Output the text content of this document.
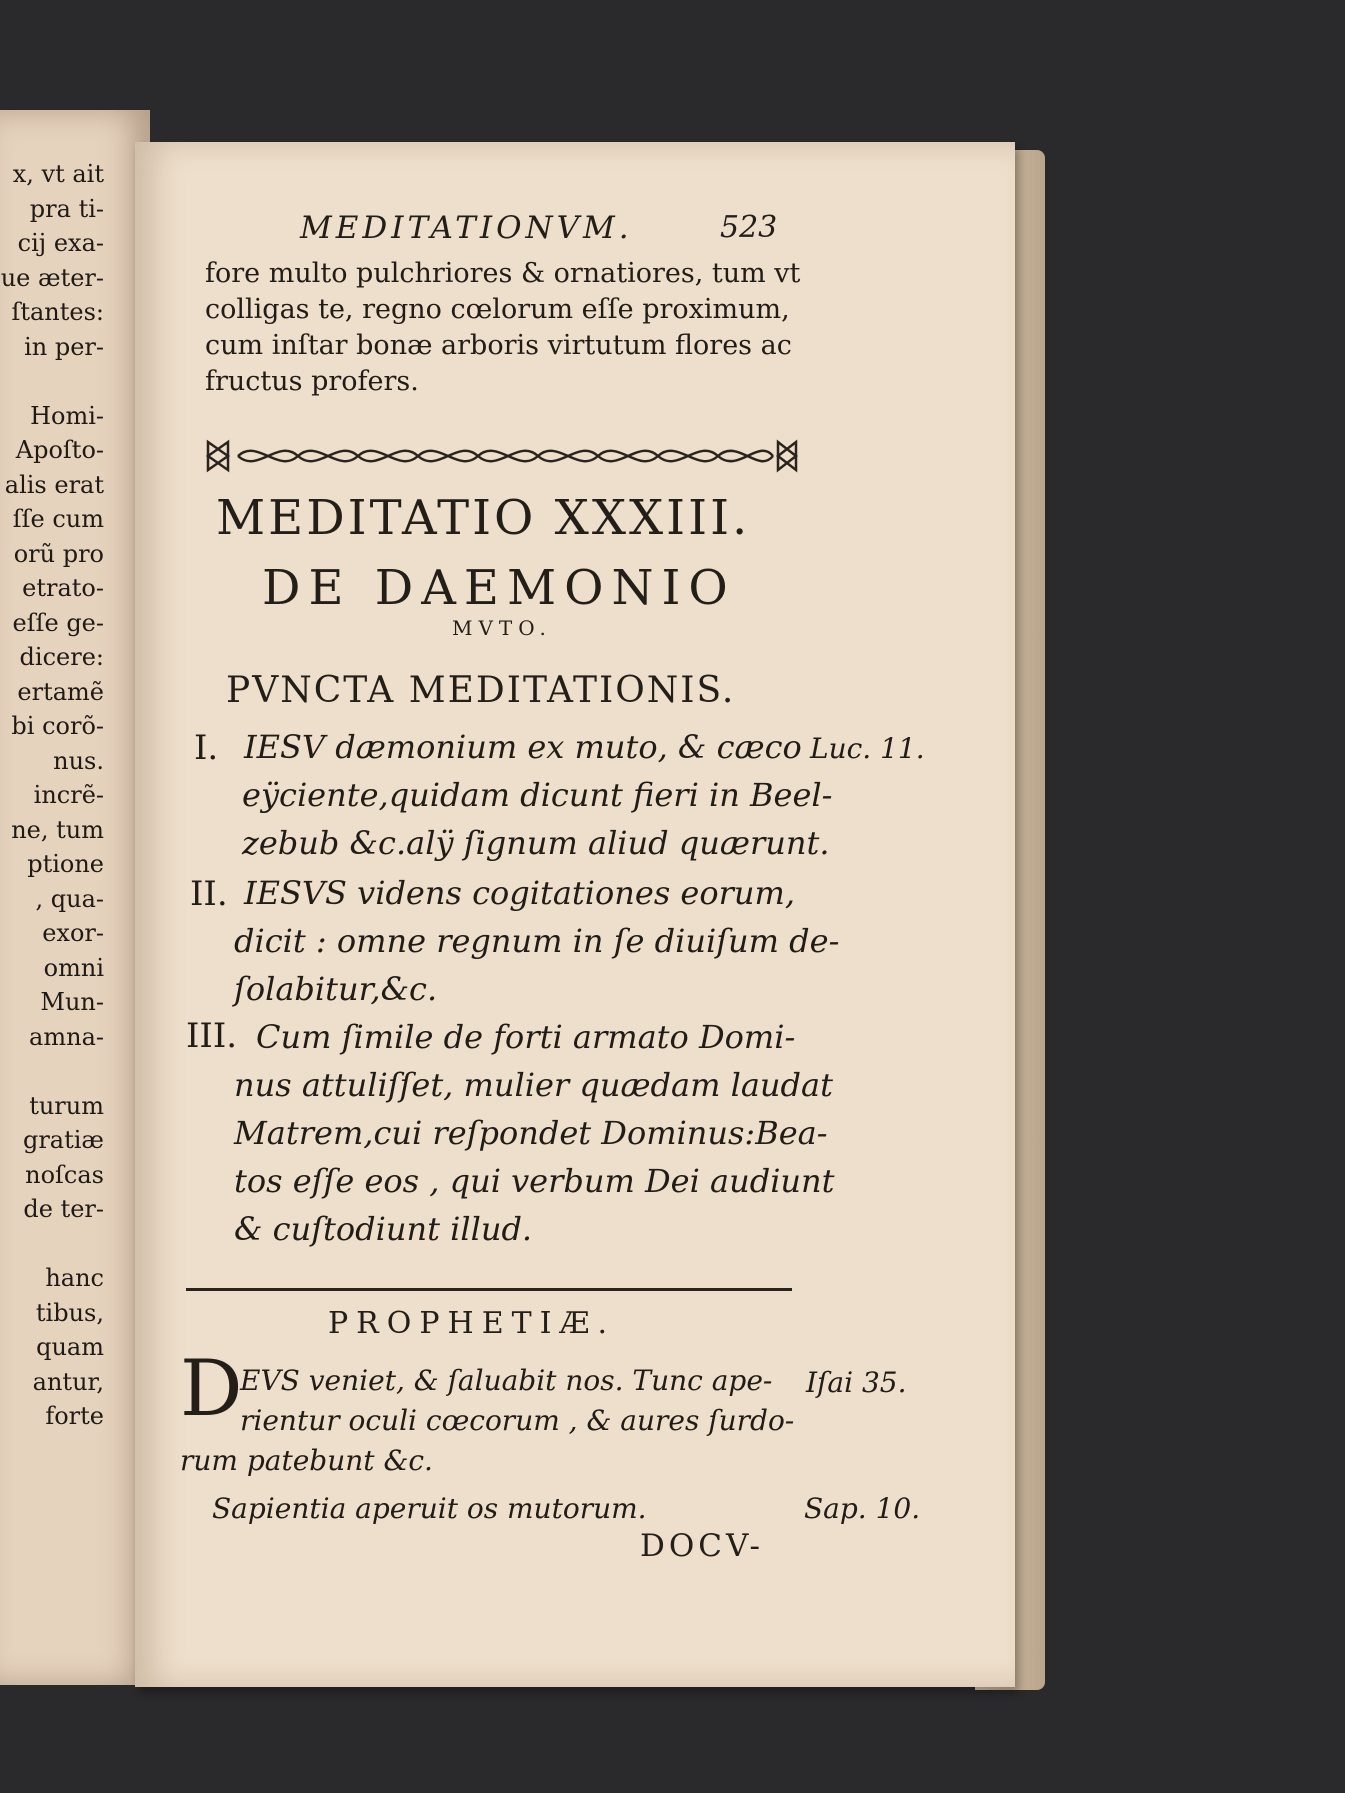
x, vt ait
pra ti-
cij exa-
ue æter-
ſtantes:
in per-
Homi-
Apoſto-
alis erat
ſſe cum
orũ pro
etrato-
eſſe ge-
dicere:
ertamẽ
bi corõ-
nus.
incrẽ-
ne, tum
ptione
, qua-
exor-
omni
Mun-
amna-
turum
gratiæ
noſcas
de ter-
hanc
tibus,
quam
antur,
forte
MEDITATIONVM.	523
fore multo pulchriores & ornatiores, tum vt
colligas te, regno cœlorum eſſe proximum,
cum inſtar bonæ arboris virtutum flores ac
fructus profers.
MEDITATIO XXXIII.
DE DAEMONIO
MVTO.
PVNCTA MEDITATIONIS.
I. IESV dæmonium ex muto, & cæco
eÿciente,quidam dicunt fieri in Beel-
zebub &c.alÿ ſignum aliud quærunt.
Luc. 11.
II. IESVS videns cogitationes eorum,
dicit : omne regnum in ſe diuiſum de-
ſolabitur,&c.
III. Cum ſimile de forti armato Domi-
nus attuliſſet, mulier quædam laudat
Matrem,cui reſpondet Dominus:Bea-
tos eſſe eos , qui verbum Dei audiunt
& cuſtodiunt illud.
PROPHETIÆ.
D
EVS veniet, & ſaluabit nos. Tunc ape-
rientur oculi cœcorum , & aures ſurdo-
rum patebunt &c.
Iſai 35.
Sapientia aperuit os mutorum.	Sap. 10.
DOCV-
